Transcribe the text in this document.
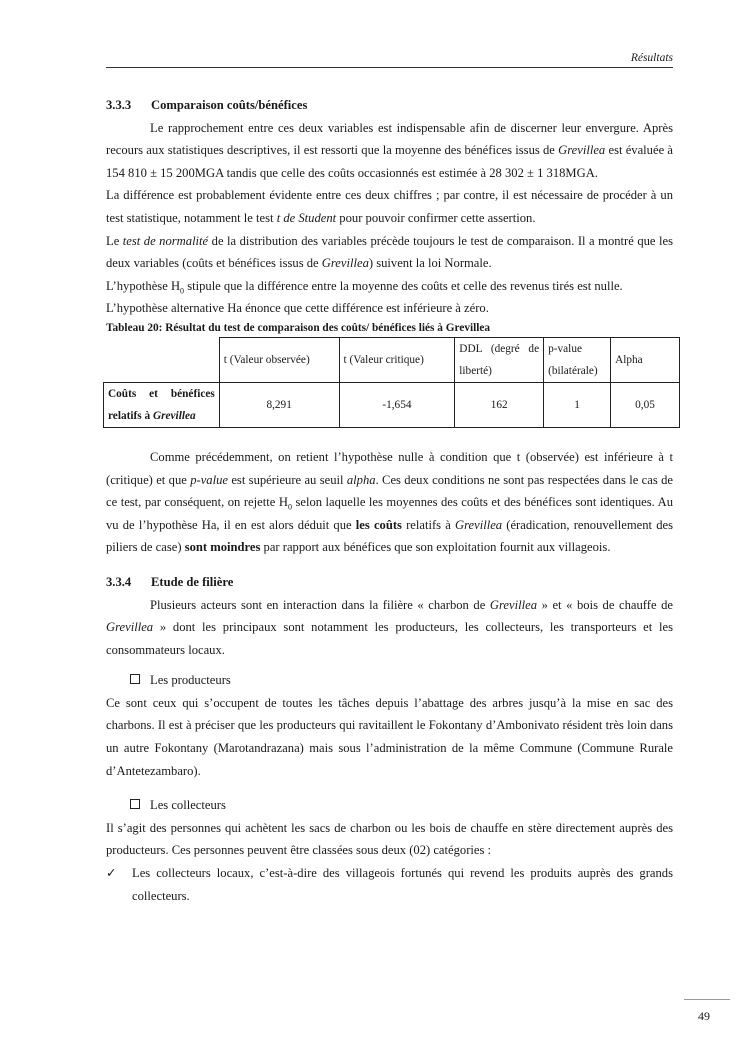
Résultats

3.3.3 Comparaison coûts/bénéfices

Le rapprochement entre ces deux variables est indispensable afin de discerner leur envergure. Après recours aux statistiques descriptives, il est ressorti que la moyenne des bénéfices issus de Grevillea est évaluée à 154 810 ± 15 200MGA tandis que celle des coûts occasionnés est estimée à 28 302 ± 1 318MGA.

La différence est probablement évidente entre ces deux chiffres ; par contre, il est nécessaire de procéder à un test statistique, notamment le test t de Student pour pouvoir confirmer cette assertion.

Le test de normalité de la distribution des variables précède toujours le test de comparaison. Il a montré que les deux variables (coûts et bénéfices issus de Grevillea) suivent la loi Normale.

L’hypothèse $H_0$ stipule que la différence entre la moyenne des coûts et celle des revenus tirés est nulle.

L’hypothèse alternative Ha énonce que cette différence est inférieure à zéro.

Tableau 20: Résultat du test de comparaison des coûts/ bénéfices liés à Grevillea

	t (Valeur observée)	t (Valeur critique)	DDL (degré de liberté)	p-value (bilatérale)	Alpha
Coûts et bénéfices relatifs à Grevillea	8,291	-1,654	162	1	0,05

Comme précédemment, on retient l’hypothèse nulle à condition que t (observée) est inférieure à t (critique) et que p-value est supérieure au seuil alpha. Ces deux conditions ne sont pas respectées dans le cas de ce test, par conséquent, on rejette $H_0$ selon laquelle les moyennes des coûts et des bénéfices sont identiques. Au vu de l’hypothèse Ha, il en est alors déduit que les coûts relatifs à Grevillea (éradication, renouvellement des piliers de case) sont moindres par rapport aux bénéfices que son exploitation fournit aux villageois.

3.3.4 Etude de filière

Plusieurs acteurs sont en interaction dans la filière « charbon de Grevillea » et « bois de chauffe de Grevillea » dont les principaux sont notamment les producteurs, les collecteurs, les transporteurs et les consommateurs locaux.

Les producteurs

Ce sont ceux qui s’occupent de toutes les tâches depuis l’abattage des arbres jusqu’à la mise en sac des charbons. Il est à préciser que les producteurs qui ravitaillent le Fokontany d’Ambonivato résident très loin dans un autre Fokontany (Marotandrazana) mais sous l’administration de la même Commune (Commune Rurale d’Antetezambaro).

Les collecteurs

Il s’agit des personnes qui achètent les sacs de charbon ou les bois de chauffe en stère directement auprès des producteurs. Ces personnes peuvent être classées sous deux (02) catégories :

✓ Les collecteurs locaux, c’est-à-dire des villageois fortunés qui revend les produits auprès des grands collecteurs.

49
